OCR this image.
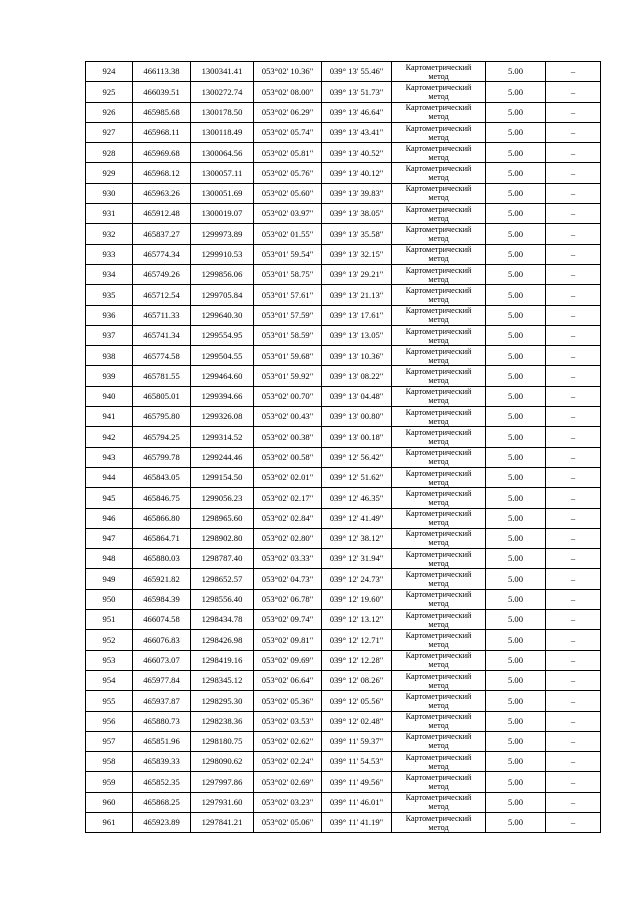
924	466113.38	1300341.41	053°02' 10.36"	039° 13' 55.46"	Картометрический
метод	5.00	–
925	466039.51	1300272.74	053°02' 08.00"	039° 13' 51.73"	Картометрический
метод	5.00	–
926	465985.68	1300178.50	053°02' 06.29"	039° 13' 46.64"	Картометрический
метод	5.00	–
927	465968.11	1300118.49	053°02' 05.74"	039° 13' 43.41"	Картометрический
метод	5.00	–
928	465969.68	1300064.56	053°02' 05.81"	039° 13' 40.52"	Картометрический
метод	5.00	–
929	465968.12	1300057.11	053°02' 05.76"	039° 13' 40.12"	Картометрический
метод	5.00	–
930	465963.26	1300051.69	053°02' 05.60"	039° 13' 39.83"	Картометрический
метод	5.00	–
931	465912.48	1300019.07	053°02' 03.97"	039° 13' 38.05"	Картометрический
метод	5.00	–
932	465837.27	1299973.89	053°02' 01.55"	039° 13' 35.58"	Картометрический
метод	5.00	–
933	465774.34	1299910.53	053°01' 59.54"	039° 13' 32.15"	Картометрический
метод	5.00	–
934	465749.26	1299856.06	053°01' 58.75"	039° 13' 29.21"	Картометрический
метод	5.00	–
935	465712.54	1299705.84	053°01' 57.61"	039° 13' 21.13"	Картометрический
метод	5.00	–
936	465711.33	1299640.30	053°01' 57.59"	039° 13' 17.61"	Картометрический
метод	5.00	–
937	465741.34	1299554.95	053°01' 58.59"	039° 13' 13.05"	Картометрический
метод	5.00	–
938	465774.58	1299504.55	053°01' 59.68"	039° 13' 10.36"	Картометрический
метод	5.00	–
939	465781.55	1299464.60	053°01' 59.92"	039° 13' 08.22"	Картометрический
метод	5.00	–
940	465805.01	1299394.66	053°02' 00.70"	039° 13' 04.48"	Картометрический
метод	5.00	–
941	465795.80	1299326.08	053°02' 00.43"	039° 13' 00.80"	Картометрический
метод	5.00	–
942	465794.25	1299314.52	053°02' 00.38"	039° 13' 00.18"	Картометрический
метод	5.00	–
943	465799.78	1299244.46	053°02' 00.58"	039° 12' 56.42"	Картометрический
метод	5.00	–
944	465843.05	1299154.50	053°02' 02.01"	039° 12' 51.62"	Картометрический
метод	5.00	–
945	465846.75	1299056.23	053°02' 02.17"	039° 12' 46.35"	Картометрический
метод	5.00	–
946	465866.80	1298965.60	053°02' 02.84"	039° 12' 41.49"	Картометрический
метод	5.00	–
947	465864.71	1298902.80	053°02' 02.80"	039° 12' 38.12"	Картометрический
метод	5.00	–
948	465880.03	1298787.40	053°02' 03.33"	039° 12' 31.94"	Картометрический
метод	5.00	–
949	465921.82	1298652.57	053°02' 04.73"	039° 12' 24.73"	Картометрический
метод	5.00	–
950	465984.39	1298556.40	053°02' 06.78"	039° 12' 19.60"	Картометрический
метод	5.00	–
951	466074.58	1298434.78	053°02' 09.74"	039° 12' 13.12"	Картометрический
метод	5.00	–
952	466076.83	1298426.98	053°02' 09.81"	039° 12' 12.71"	Картометрический
метод	5.00	–
953	466073.07	1298419.16	053°02' 09.69"	039° 12' 12.28"	Картометрический
метод	5.00	–
954	465977.84	1298345.12	053°02' 06.64"	039° 12' 08.26"	Картометрический
метод	5.00	–
955	465937.87	1298295.30	053°02' 05.36"	039° 12' 05.56"	Картометрический
метод	5.00	–
956	465880.73	1298238.36	053°02' 03.53"	039° 12' 02.48"	Картометрический
метод	5.00	–
957	465851.96	1298180.75	053°02' 02.62"	039° 11' 59.37"	Картометрический
метод	5.00	–
958	465839.33	1298090.62	053°02' 02.24"	039° 11' 54.53"	Картометрический
метод	5.00	–
959	465852.35	1297997.86	053°02' 02.69"	039° 11' 49.56"	Картометрический
метод	5.00	–
960	465868.25	1297931.60	053°02' 03.23"	039° 11' 46.01"	Картометрический
метод	5.00	–
961	465923.89	1297841.21	053°02' 05.06"	039° 11' 41.19"	Картометрический
метод	5.00	–
